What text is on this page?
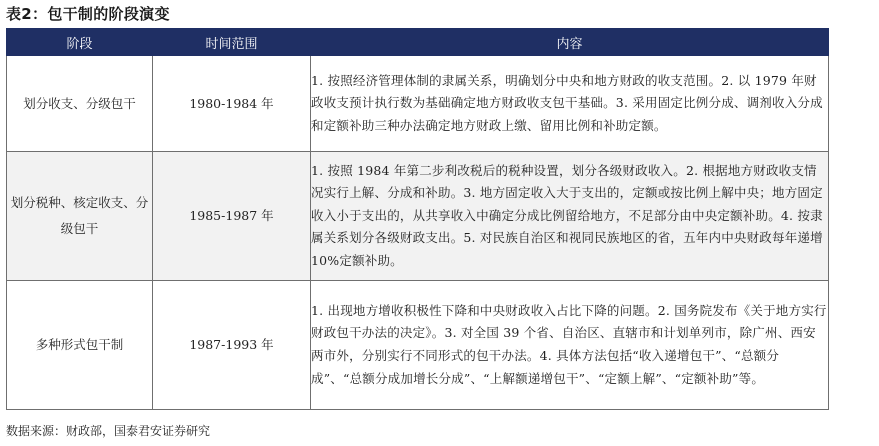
表2：包干制的阶段演变
阶段	时间范围	内容
划分收支、分级包干	1980-1984 年	1. 按照经济管理体制的隶属关系，明确划分中央和地方财政的收支范围。2. 以 1979 年财政收支预计执行数为基础确定地方财政收支包干基础。3. 采用固定比例分成、调剂收入分成和定额补助三种办法确定地方财政上缴、留用比例和补助定额。
划分税种、核定收支、分级包干	1985-1987 年	1. 按照 1984 年第二步利改税后的税种设置，划分各级财政收入。2. 根据地方财政收支情况实行上解、分成和补助。3. 地方固定收入大于支出的，定额或按比例上解中央；地方固定收入小于支出的，从共享收入中确定分成比例留给地方，不足部分由中央定额补助。4. 按隶属关系划分各级财政支出。5. 对民族自治区和视同民族地区的省，五年内中央财政每年递增 10%定额补助。
多种形式包干制	1987-1993 年	1. 出现地方增收积极性下降和中央财政收入占比下降的问题。2. 国务院发布《关于地方实行财政包干办法的决定》。3. 对全国 39 个省、自治区、直辖市和计划单列市，除广州、西安两市外，分别实行不同形式的包干办法。4. 具体方法包括“收入递增包干”、“总额分成”、“总额分成加增长分成”、“上解额递增包干”、“定额上解”、“定额补助”等。
数据来源：财政部，国泰君安证券研究
